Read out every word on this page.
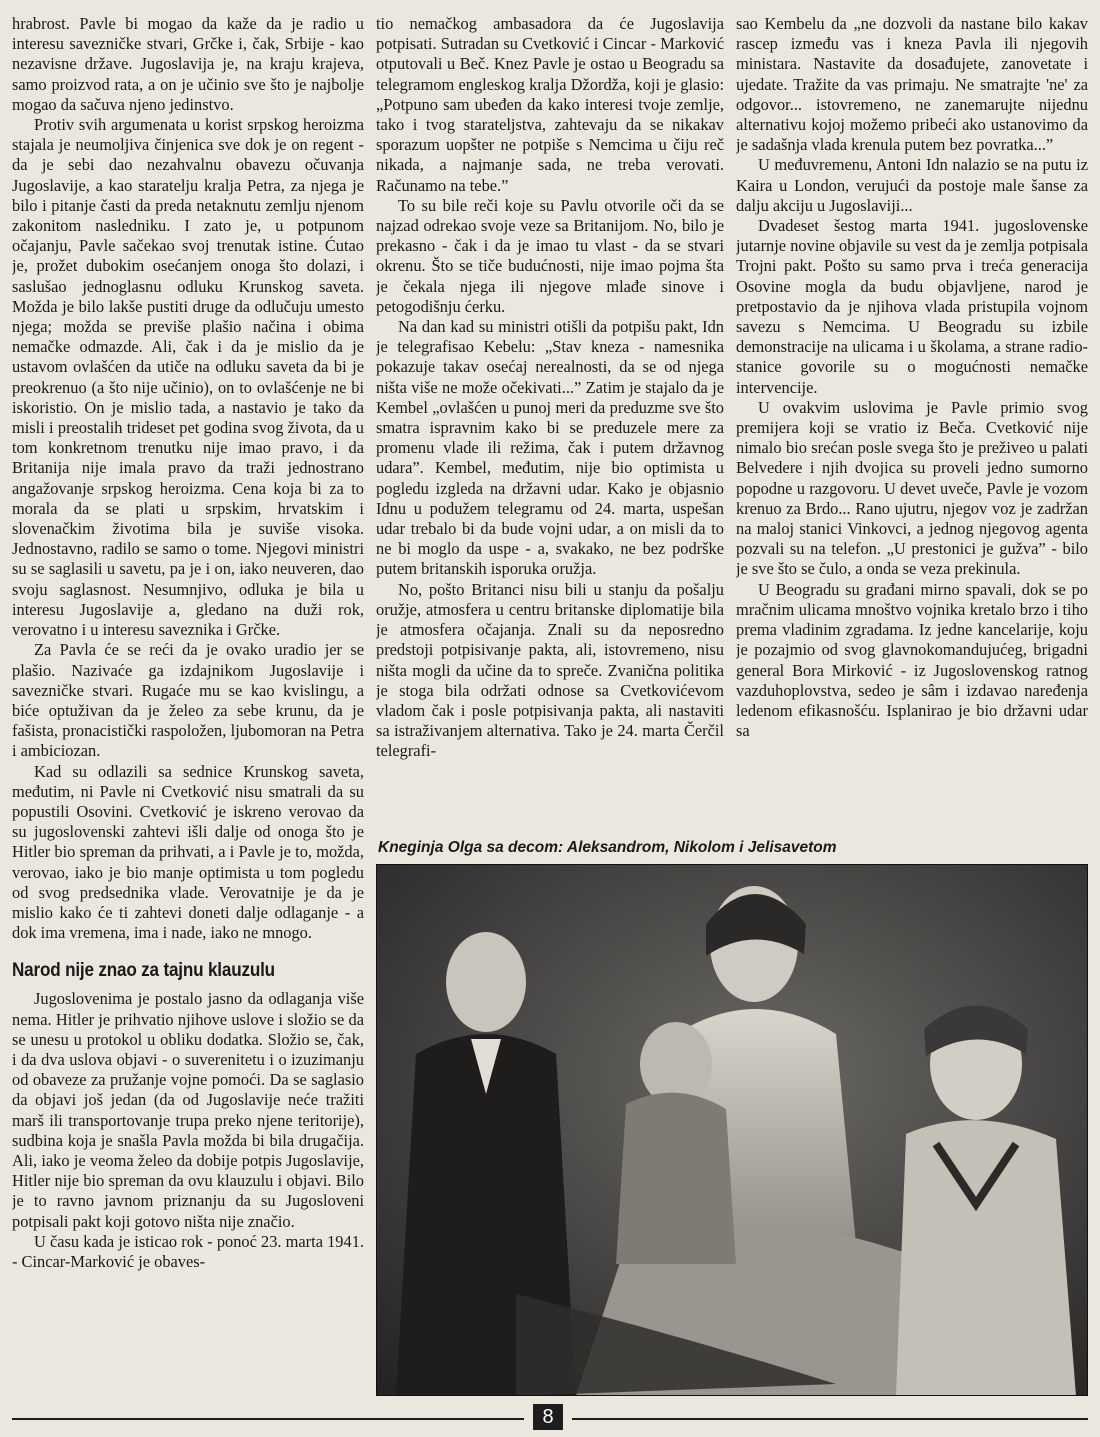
hrabrost. Pavle bi mogao da kaže da je radio u interesu savezničke stvari, Grčke i, čak, Srbije - kao nezavisne države. Jugoslavija je, na kraju krajeva, samo proizvod rata, a on je učinio sve što je najbolje mogao da sačuva njeno jedinstvo.

Protiv svih argumenata u korist srpskog heroizma stajala je neumoljiva činjenica sve dok je on regent - da je sebi dao nezahvalnu obavezu očuvanja Jugoslavije, a kao staratelju kralja Petra, za njega je bilo i pitanje časti da preda netaknutu zemlju njenom zakonitom nasledniku. I zato je, u potpunom očajanju, Pavle sačekao svoj trenutak istine. Ćutao je, prožet dubokim osećanjem onoga što dolazi, i saslušao jednoglasnu odluku Krunskog saveta. Možda je bilo lakše pustiti druge da odlučuju umesto njega; možda se previše plašio načina i obima nemačke odmazde. Ali, čak i da je mislio da je ustavom ovlašćen da utiče na odluku saveta da bi je preokrenuo (a što nije učinio), on to ovlašćenje ne bi iskoristio. On je mislio tada, a nastavio je tako da misli i preostalih trideset pet godina svog života, da u tom konkretnom trenutku nije imao pravo, i da Britanija nije imala pravo da traži jednostrano angažovanje srpskog heroizma. Cena koja bi za to morala da se plati u srpskim, hrvatskim i slovenačkim životima bila je suviše visoka. Jednostavno, radilo se samo o tome. Njegovi ministri su se saglasili u savetu, pa je i on, iako neuveren, dao svoju saglasnost. Nesumnjivo, odluka je bila u interesu Jugoslavije a, gledano na duži rok, verovatno i u interesu saveznika i Grčke.

Za Pavla će se reći da je ovako uradio jer se plašio. Nazivaće ga izdajnikom Jugoslavije i savezničke stvari. Rugaće mu se kao kvislingu, a biće optuživan da je želeo za sebe krunu, da je fašista, pronacistički raspoložen, ljubomoran na Petra i ambiciozan.

Kad su odlazili sa sednice Krunskog saveta, međutim, ni Pavle ni Cvetković nisu smatrali da su popustili Osovini. Cvetković je iskreno verovao da su jugoslovenski zahtevi išli dalje od onoga što je Hitler bio spreman da prihvati, a i Pavle je to, možda, verovao, iako je bio manje optimista u tom pogledu od svog predsednika vlade. Verovatnije je da je mislio kako će ti zahtevi doneti dalje odlaganje - a dok ima vremena, ima i nade, iako ne mnogo.

Narod nije znao za tajnu klauzulu

Jugoslovenima je postalo jasno da odlaganja više nema. Hitler je prihvatio njihove uslove i složio se da se unesu u protokol u obliku dodatka. Složio se, čak, i da dva uslova objavi - o suverenitetu i o izuzimanju od obaveze za pružanje vojne pomoći. Da se saglasio da objavi još jedan (da od Jugoslavije neće tražiti marš ili transportovanje trupa preko njene teritorije), sudbina koja je snašla Pavla možda bi bila drugačija. Ali, iako je veoma želeo da dobije potpis Jugoslavije, Hitler nije bio spreman da ovu klauzulu i objavi. Bilo je to ravno javnom priznanju da su Jugosloveni potpisali pakt koji gotovo ništa nije značio.

U času kada je isticao rok - ponoć 23. marta 1941. - Cincar-Marković je obaves-

tio nemačkog ambasadora da će Jugoslavija potpisati. Sutradan su Cvetković i Cincar - Marković otputovali u Beč. Knez Pavle je ostao u Beogradu sa telegramom engleskog kralja Džordža, koji je glasio: „Potpuno sam ubeđen da kako interesi tvoje zemlje, tako i tvog starateljstva, zahtevaju da se nikakav sporazum uopšter ne potpiše s Nemcima u čiju reč nikada, a najmanje sada, ne treba verovati. Računamo na tebe.”

To su bile reči koje su Pavlu otvorile oči da se najzad odrekao svoje veze sa Britanijom. No, bilo je prekasno - čak i da je imao tu vlast - da se stvari okrenu. Što se tiče budućnosti, nije imao pojma šta je čekala njega ili njegove mlađe sinove i petogodišnju ćerku.

Na dan kad su ministri otišli da potpišu pakt, Idn je telegrafisao Kebelu: „Stav kneza - namesnika pokazuje takav osećaj nerealnosti, da se od njega ništa više ne može očekivati...” Zatim je stajalo da je Kembel „ovlašćen u punoj meri da preduzme sve što smatra ispravnim kako bi se preduzele mere za promenu vlade ili režima, čak i putem državnog udara”. Kembel, međutim, nije bio optimista u pogledu izgleda na državni udar. Kako je objasnio Idnu u podužem telegramu od 24. marta, uspešan udar trebalo bi da bude vojni udar, a on misli da to ne bi moglo da uspe - a, svakako, ne bez podrške putem britanskih isporuka oružja.

No, pošto Britanci nisu bili u stanju da pošalju oružje, atmosfera u centru britanske diplomatije bila je atmosfera očajanja. Znali su da neposredno predstoji potpisivanje pakta, ali, istovremeno, nisu ništa mogli da učine da to spreče. Zvanična politika je stoga bila održati odnose sa Cvetkovićevom vladom čak i posle potpisivanja pakta, ali nastaviti sa istraživanjem alternativa. Tako je 24. marta Čerčil telegrafi-

sao Kembelu da „ne dozvoli da nastane bilo kakav rascep između vas i kneza Pavla ili njegovih ministara. Nastavite da dosađujete, zanovetate i ujedate. Tražite da vas primaju. Ne smatrajte 'ne' za odgovor... istovremeno, ne zanemarujte nijednu alternativu kojoj možemo pribeći ako ustanovimo da je sadašnja vlada krenula putem bez povratka...”

U međuvremenu, Antoni Idn nalazio se na putu iz Kaira u London, verujući da postoje male šanse za dalju akciju u Jugoslaviji...

Dvadeset šestog marta 1941. jugoslovenske jutarnje novine objavile su vest da je zemlja potpisala Trojni pakt. Pošto su samo prva i treća generacija Osovine mogla da budu objavljene, narod je pretpostavio da je njihova vlada pristupila vojnom savezu s Nemcima. U Beogradu su izbile demonstracije na ulicama i u školama, a strane radio-stanice govorile su o mogućnosti nemačke intervencije.

U ovakvim uslovima je Pavle primio svog premijera koji se vratio iz Beča. Cvetković nije nimalo bio srećan posle svega što je preživeo u palati Belvedere i njih dvojica su proveli jedno sumorno popodne u razgovoru. U devet uveče, Pavle je vozom krenuo za Brdo... Rano ujutru, njegov voz je zadržan na maloj stanici Vinkovci, a jednog njegovog agenta pozvali su na telefon. „U prestonici je gužva” - bilo je sve što se čulo, a onda se veza prekinula.

U Beogradu su građani mirno spavali, dok se po mračnim ulicama mnoštvo vojnika kretalo brzo i tiho prema vladinim zgradama. Iz jedne kancelarije, koju je pozajmio od svog glavnokomandujućeg, brigadni general Bora Mirković - iz Jugoslovenskog ratnog vazduhoplovstva, sedeo je sâm i izdavao naređenja ledenom efikasnošću. Isplanirao je bio državni udar sa

Kneginja Olga sa decom: Aleksandrom, Nikolom i Jelisavetom
8
